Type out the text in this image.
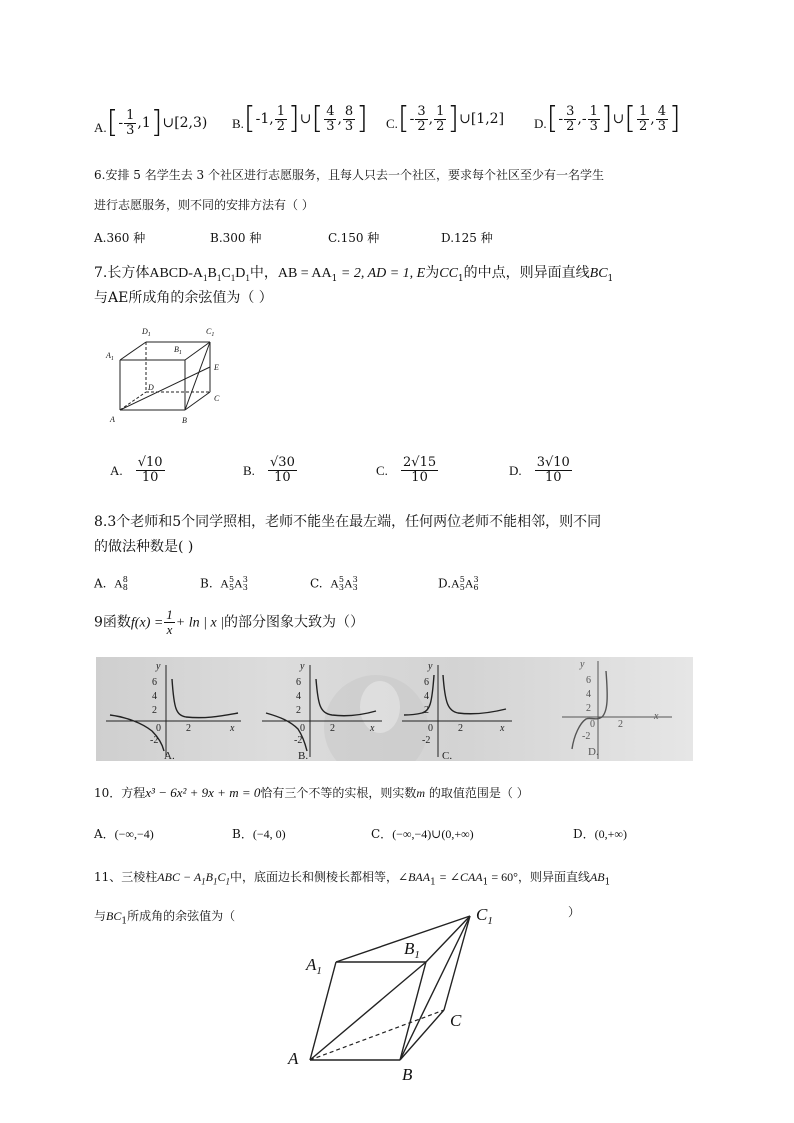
A. [ - $\frac{1}{3} ,1$ ] ∪ [2,3) B. [ -1, $\frac{1}{2}$ ] ∪ [ $\frac{4}{3}$ , $\frac{8}{3}$ ] C. [ - $\frac{3}{2}$ , $\frac{1}{2}$ ] ∪ [1,2] D. [ - $\frac{3}{2}$ ,- $\frac{1}{3}$ ] ∪ [ $\frac{1}{2}$ , $\frac{4}{3}$ ]
6.安排 5 名学生去 3 个社区进行志愿服务，且每人只去一个社区，要求每个社区至少有一名学生
进行志愿服务，则不同的安排方法有（ ）
A.360 种	B.300 种	C.150 种	D.125 种
7.长方体ABCD-$A_1B_1C_1D_1$中，AB = $AA_1 = 2$, AD = 1, E为$CC_1$的中点，则异面直线$BC_1$
与AE所成角的余弦值为（ ）
$D_1$	$C_1$
$A_1$
$B_1$
E
D
C
A	B
A. $\frac{√10}{10}$	B. $\frac{√30}{10}$	C. $\frac{2√15}{10}$	D. $\frac{3√10}{10}$
8.3个老师和5个同学照相，老师不能坐在最左端，任何两位老师不能相邻，则不同
的做法种数是( )
A. A 8
8	B. A 5
5 A 3
3	C. A 5
3 A 3
3	D.A 5
5 A 3
6
9函数$f(x) = \frac{1}{x} + \ln$ | x |的部分图象大致为（）
y
6
4
2
0	2
-2
x
A.
y
6
4
2
0	2
-2
x
B.
y
6
4
2
0	2
-2
x
C.
y
6
4
2
0 2
-2
x
D.
10．方程x³ − 6x² + 9x + m = 0恰有三个不等的实根，则实数m 的取值范围是（ ）
A．(−∞,−4)	B．(−4, 0)	C．(−∞,−4)∪(0,+∞)	D．(0,+∞)
11、三棱柱ABC − $A_1B_1C_1$中，底面边长和侧棱长都相等，$\angle BAA_1$ = $\angle CAA_1 = 60^\circ$，则异面直线$AB_1$
与$BC_1$所成角的余弦值为（	）
$A_1$
$B_1$
$C_1$
C
A
B
